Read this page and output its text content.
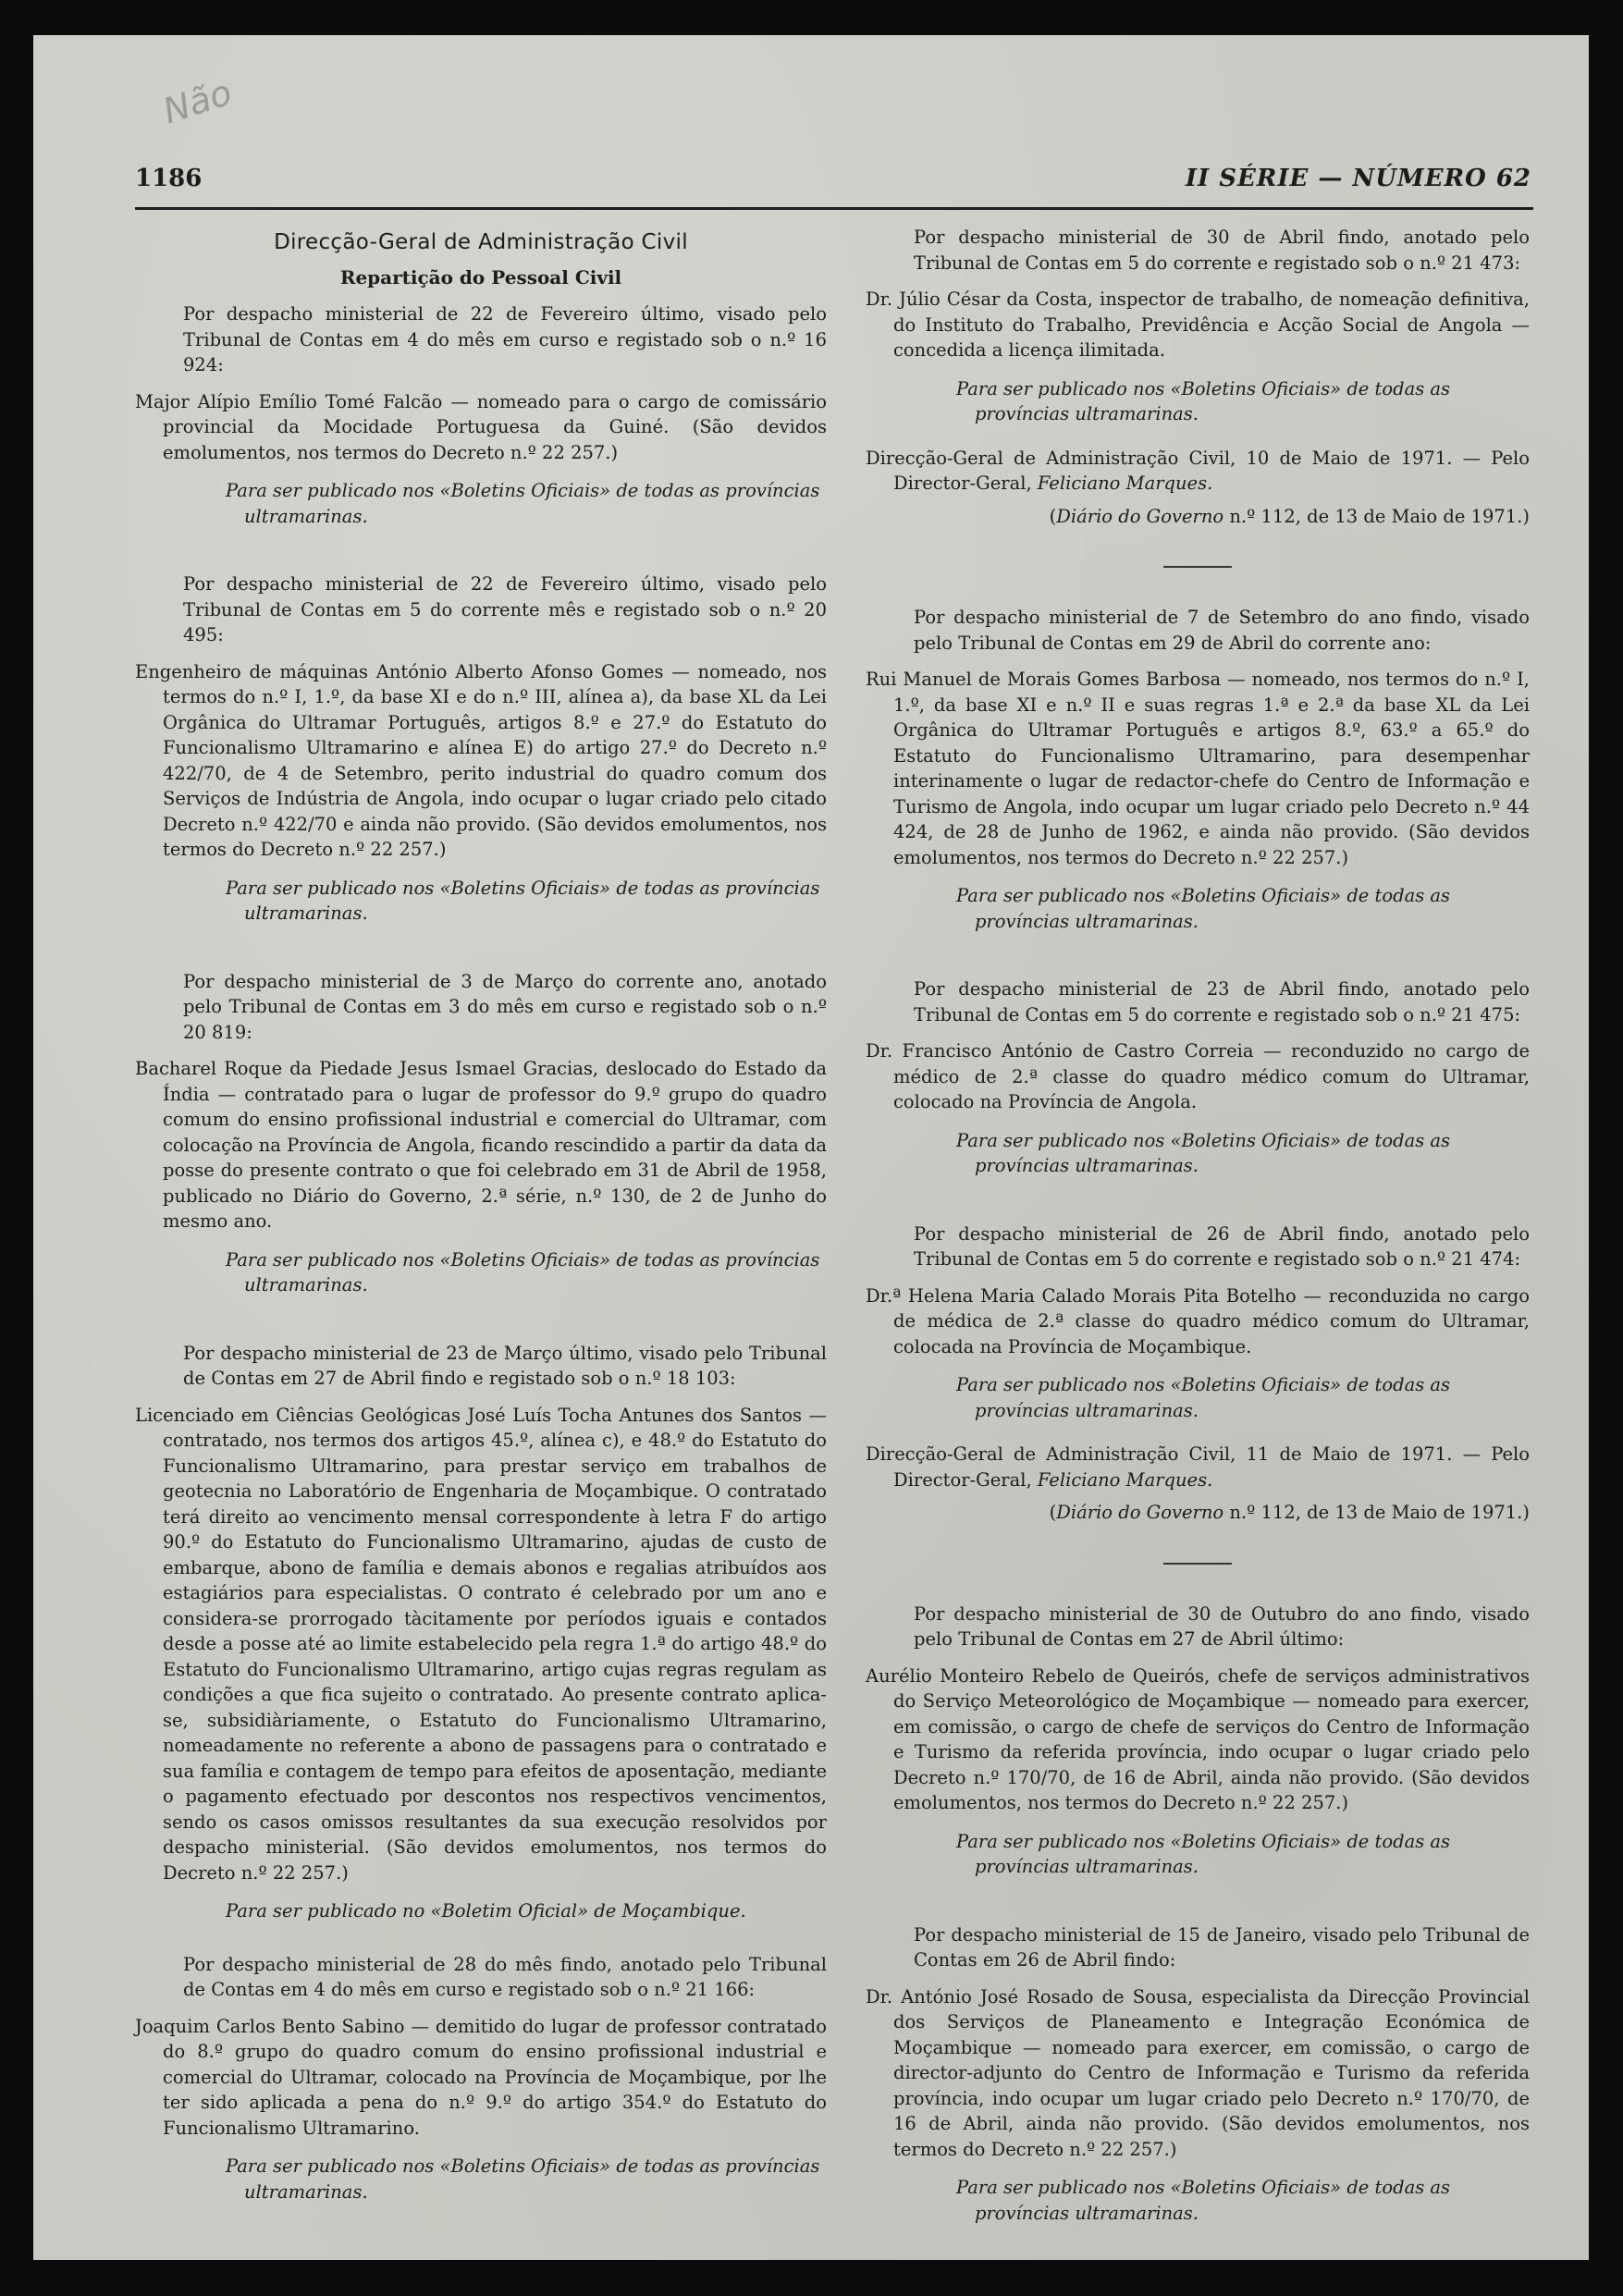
Não
1186	II SÉRIE — NÚMERO 62
Direcção-Geral de Administração Civil
Repartição do Pessoal Civil

Por despacho ministerial de 22 de Fevereiro último, visado pelo Tribunal de Contas em 4 do mês em curso e registado sob o n.º 16 924:

Major Alípio Emílio Tomé Falcão — nomeado para o cargo de comissário provincial da Mocidade Portuguesa da Guiné. (São devidos emolumentos, nos termos do Decreto n.º 22 257.)

Para ser publicado nos «Boletins Oficiais» de todas as províncias ultramarinas.

Por despacho ministerial de 22 de Fevereiro último, visado pelo Tribunal de Contas em 5 do corrente mês e registado sob o n.º 20 495:

Engenheiro de máquinas António Alberto Afonso Gomes — nomeado, nos termos do n.º I, 1.º, da base XI e do n.º III, alínea a), da base XL da Lei Orgânica do Ultramar Português, artigos 8.º e 27.º do Estatuto do Funcionalismo Ultramarino e alínea E) do artigo 27.º do Decreto n.º 422/70, de 4 de Setembro, perito industrial do quadro comum dos Serviços de Indústria de Angola, indo ocupar o lugar criado pelo citado Decreto n.º 422/70 e ainda não provido. (São devidos emolumentos, nos termos do Decreto n.º 22 257.)

Para ser publicado nos «Boletins Oficiais» de todas as províncias ultramarinas.

Por despacho ministerial de 3 de Março do corrente ano, anotado pelo Tribunal de Contas em 3 do mês em curso e registado sob o n.º 20 819:

Bacharel Roque da Piedade Jesus Ismael Gracias, deslocado do Estado da Índia — contratado para o lugar de professor do 9.º grupo do quadro comum do ensino profissional industrial e comercial do Ultramar, com colocação na Província de Angola, ficando rescindido a partir da data da posse do presente contrato o que foi celebrado em 31 de Abril de 1958, publicado no Diário do Governo, 2.ª série, n.º 130, de 2 de Junho do mesmo ano.

Para ser publicado nos «Boletins Oficiais» de todas as províncias ultramarinas.

Por despacho ministerial de 23 de Março último, visado pelo Tribunal de Contas em 27 de Abril findo e registado sob o n.º 18 103:

Licenciado em Ciências Geológicas José Luís Tocha Antunes dos Santos — contratado, nos termos dos artigos 45.º, alínea c), e 48.º do Estatuto do Funcionalismo Ultramarino, para prestar serviço em trabalhos de geotecnia no Laboratório de Engenharia de Moçambique. O contratado terá direito ao vencimento mensal correspondente à letra F do artigo 90.º do Estatuto do Funcionalismo Ultramarino, ajudas de custo de embarque, abono de família e demais abonos e regalias atribuídos aos estagiários para especialistas. O contrato é celebrado por um ano e considera-se prorrogado tàcitamente por períodos iguais e contados desde a posse até ao limite estabelecido pela regra 1.ª do artigo 48.º do Estatuto do Funcionalismo Ultramarino, artigo cujas regras regulam as condições a que fica sujeito o contratado. Ao presente contrato aplica-se, subsidiàriamente, o Estatuto do Funcionalismo Ultramarino, nomeadamente no referente a abono de passagens para o contratado e sua família e contagem de tempo para efeitos de aposentação, mediante o pagamento efectuado por descontos nos respectivos vencimentos, sendo os casos omissos resultantes da sua execução resolvidos por despacho ministerial. (São devidos emolumentos, nos termos do Decreto n.º 22 257.)

Para ser publicado no «Boletim Oficial» de Moçambique.

Por despacho ministerial de 28 do mês findo, anotado pelo Tribunal de Contas em 4 do mês em curso e registado sob o n.º 21 166:

Joaquim Carlos Bento Sabino — demitido do lugar de professor contratado do 8.º grupo do quadro comum do ensino profissional industrial e comercial do Ultramar, colocado na Província de Moçambique, por lhe ter sido aplicada a pena do n.º 9.º do artigo 354.º do Estatuto do Funcionalismo Ultramarino.

Para ser publicado nos «Boletins Oficiais» de todas as províncias ultramarinas.

Por despacho ministerial de 30 de Abril findo, anotado pelo Tribunal de Contas em 5 do corrente e registado sob o n.º 21 473:

Dr. Júlio César da Costa, inspector de trabalho, de nomeação definitiva, do Instituto do Trabalho, Previdência e Acção Social de Angola — concedida a licença ilimitada.

Para ser publicado nos «Boletins Oficiais» de todas as províncias ultramarinas.

Direcção-Geral de Administração Civil, 10 de Maio de 1971. — Pelo Director-Geral, Feliciano Marques.

(Diário do Governo n.º 112, de 13 de Maio de 1971.)

Por despacho ministerial de 7 de Setembro do ano findo, visado pelo Tribunal de Contas em 29 de Abril do corrente ano:

Rui Manuel de Morais Gomes Barbosa — nomeado, nos termos do n.º I, 1.º, da base XI e n.º II e suas regras 1.ª e 2.ª da base XL da Lei Orgânica do Ultramar Português e artigos 8.º, 63.º a 65.º do Estatuto do Funcionalismo Ultramarino, para desempenhar interinamente o lugar de redactor-chefe do Centro de Informação e Turismo de Angola, indo ocupar um lugar criado pelo Decreto n.º 44 424, de 28 de Junho de 1962, e ainda não provido. (São devidos emolumentos, nos termos do Decreto n.º 22 257.)

Para ser publicado nos «Boletins Oficiais» de todas as províncias ultramarinas.

Por despacho ministerial de 23 de Abril findo, anotado pelo Tribunal de Contas em 5 do corrente e registado sob o n.º 21 475:

Dr. Francisco António de Castro Correia — reconduzido no cargo de médico de 2.ª classe do quadro médico comum do Ultramar, colocado na Província de Angola.

Para ser publicado nos «Boletins Oficiais» de todas as províncias ultramarinas.

Por despacho ministerial de 26 de Abril findo, anotado pelo Tribunal de Contas em 5 do corrente e registado sob o n.º 21 474:

Dr.ª Helena Maria Calado Morais Pita Botelho — reconduzida no cargo de médica de 2.ª classe do quadro médico comum do Ultramar, colocada na Província de Moçambique.

Para ser publicado nos «Boletins Oficiais» de todas as províncias ultramarinas.

Direcção-Geral de Administração Civil, 11 de Maio de 1971. — Pelo Director-Geral, Feliciano Marques.

(Diário do Governo n.º 112, de 13 de Maio de 1971.)

Por despacho ministerial de 30 de Outubro do ano findo, visado pelo Tribunal de Contas em 27 de Abril último:

Aurélio Monteiro Rebelo de Queirós, chefe de serviços administrativos do Serviço Meteorológico de Moçambique — nomeado para exercer, em comissão, o cargo de chefe de serviços do Centro de Informação e Turismo da referida província, indo ocupar o lugar criado pelo Decreto n.º 170/70, de 16 de Abril, ainda não provido. (São devidos emolumentos, nos termos do Decreto n.º 22 257.)

Para ser publicado nos «Boletins Oficiais» de todas as províncias ultramarinas.

Por despacho ministerial de 15 de Janeiro, visado pelo Tribunal de Contas em 26 de Abril findo:

Dr. António José Rosado de Sousa, especialista da Direcção Provincial dos Serviços de Planeamento e Integração Económica de Moçambique — nomeado para exercer, em comissão, o cargo de director-adjunto do Centro de Informação e Turismo da referida província, indo ocupar um lugar criado pelo Decreto n.º 170/70, de 16 de Abril, ainda não provido. (São devidos emolumentos, nos termos do Decreto n.º 22 257.)

Para ser publicado nos «Boletins Oficiais» de todas as províncias ultramarinas.
